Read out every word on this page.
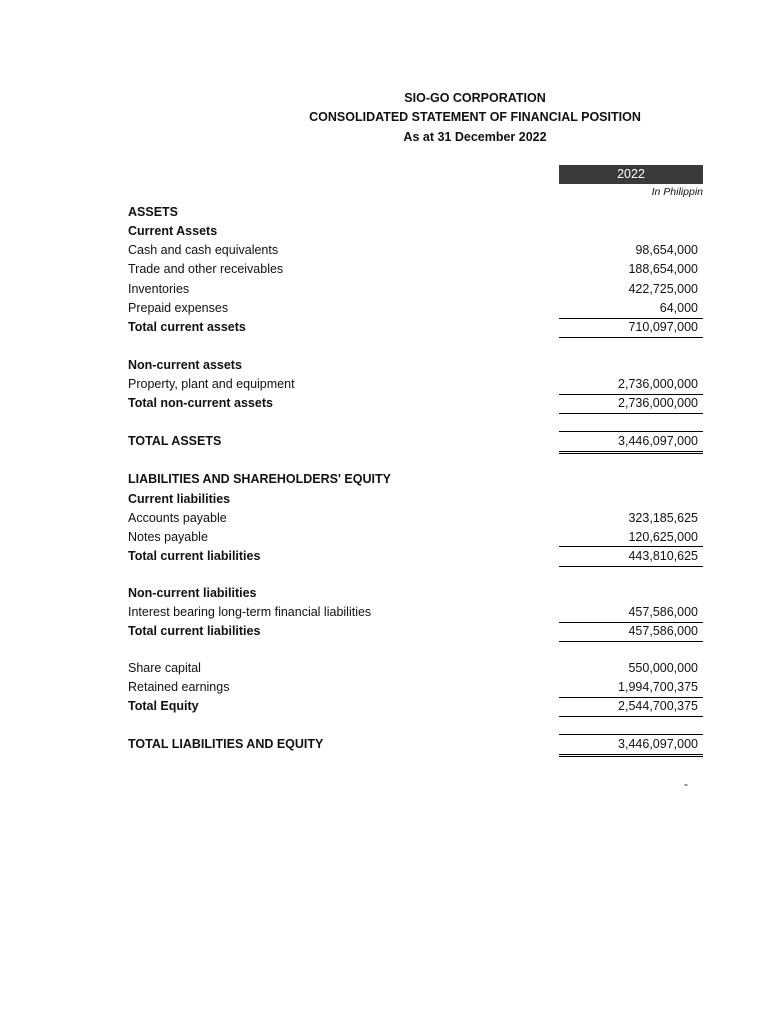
SIO-GO CORPORATION
CONSOLIDATED STATEMENT OF FINANCIAL POSITION
As at 31 December 2022
2022
In Philippin
ASSETS
Current Assets
Cash and cash equivalents	98,654,000
Trade and other receivables	188,654,000
Inventories	422,725,000
Prepaid expenses	64,000
Total current assets	710,097,000
Non-current assets
Property, plant and equipment	2,736,000,000
Total non-current assets	2,736,000,000
TOTAL ASSETS	3,446,097,000
LIABILITIES AND SHAREHOLDERS' EQUITY
Current liabilities
Accounts payable	323,185,625
Notes payable	120,625,000
Total current liabilities	443,810,625
Non-current liabilities
Interest bearing long-term financial liabilities	457,586,000
Total current liabilities	457,586,000
Share capital	550,000,000
Retained earnings	1,994,700,375
Total Equity	2,544,700,375
TOTAL LIABILITIES AND EQUITY	3,446,097,000
-
